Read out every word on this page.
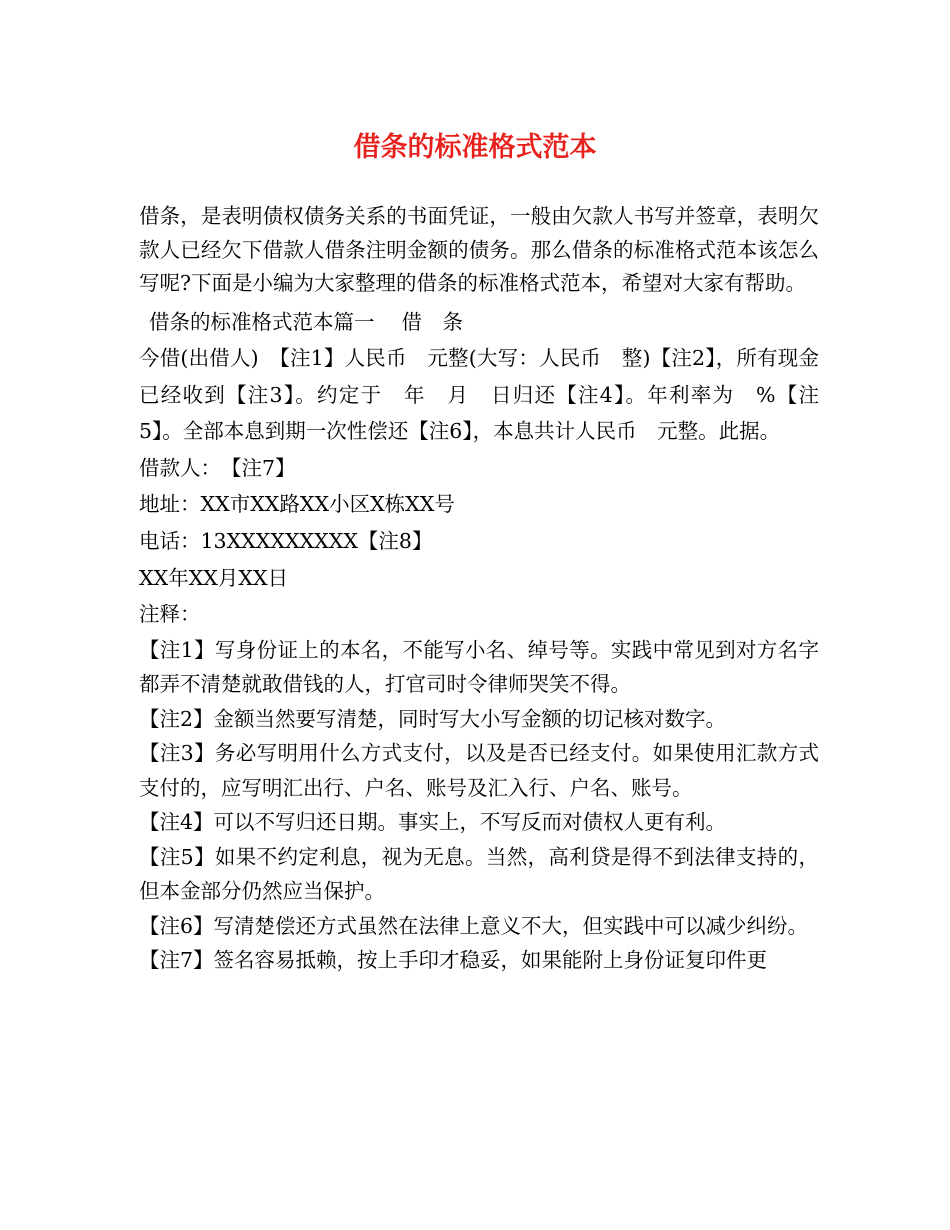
借条的标准格式范本

借条，是表明债权债务关系的书面凭证，一般由欠款人书写并签章，表明欠款人已经欠下借款人借条注明金额的债务。那么借条的标准格式范本该怎么写呢?下面是小编为大家整理的借条的标准格式范本，希望对大家有帮助。

借条的标准格式范本篇一　 借　条

今借(出借人)　【注1】人民币　元整(大写：人民币　整)【注2】，所有现金已经收到【注3】。约定于　年　月　日归还【注4】。年利率为　%【注5】。全部本息到期一次性偿还【注6】，本息共计人民币　元整。此据。

借款人：　【注7】

地址：XX市XX路XX小区X栋XX号

电话：13XXXXXXXXX【注8】

XX年XX月XX日

注释：

【注1】写身份证上的本名，不能写小名、绰号等。实践中常见到对方名字都弄不清楚就敢借钱的人，打官司时令律师哭笑不得。

【注2】金额当然要写清楚，同时写大小写金额的切记核对数字。

【注3】务必写明用什么方式支付，以及是否已经支付。如果使用汇款方式支付的，应写明汇出行、户名、账号及汇入行、户名、账号。

【注4】可以不写归还日期。事实上，不写反而对债权人更有利。

【注5】如果不约定利息，视为无息。当然，高利贷是得不到法律支持的，但本金部分仍然应当保护。

【注6】写清楚偿还方式虽然在法律上意义不大，但实践中可以减少纠纷。

【注7】签名容易抵赖，按上手印才稳妥，如果能附上身份证复印件更
